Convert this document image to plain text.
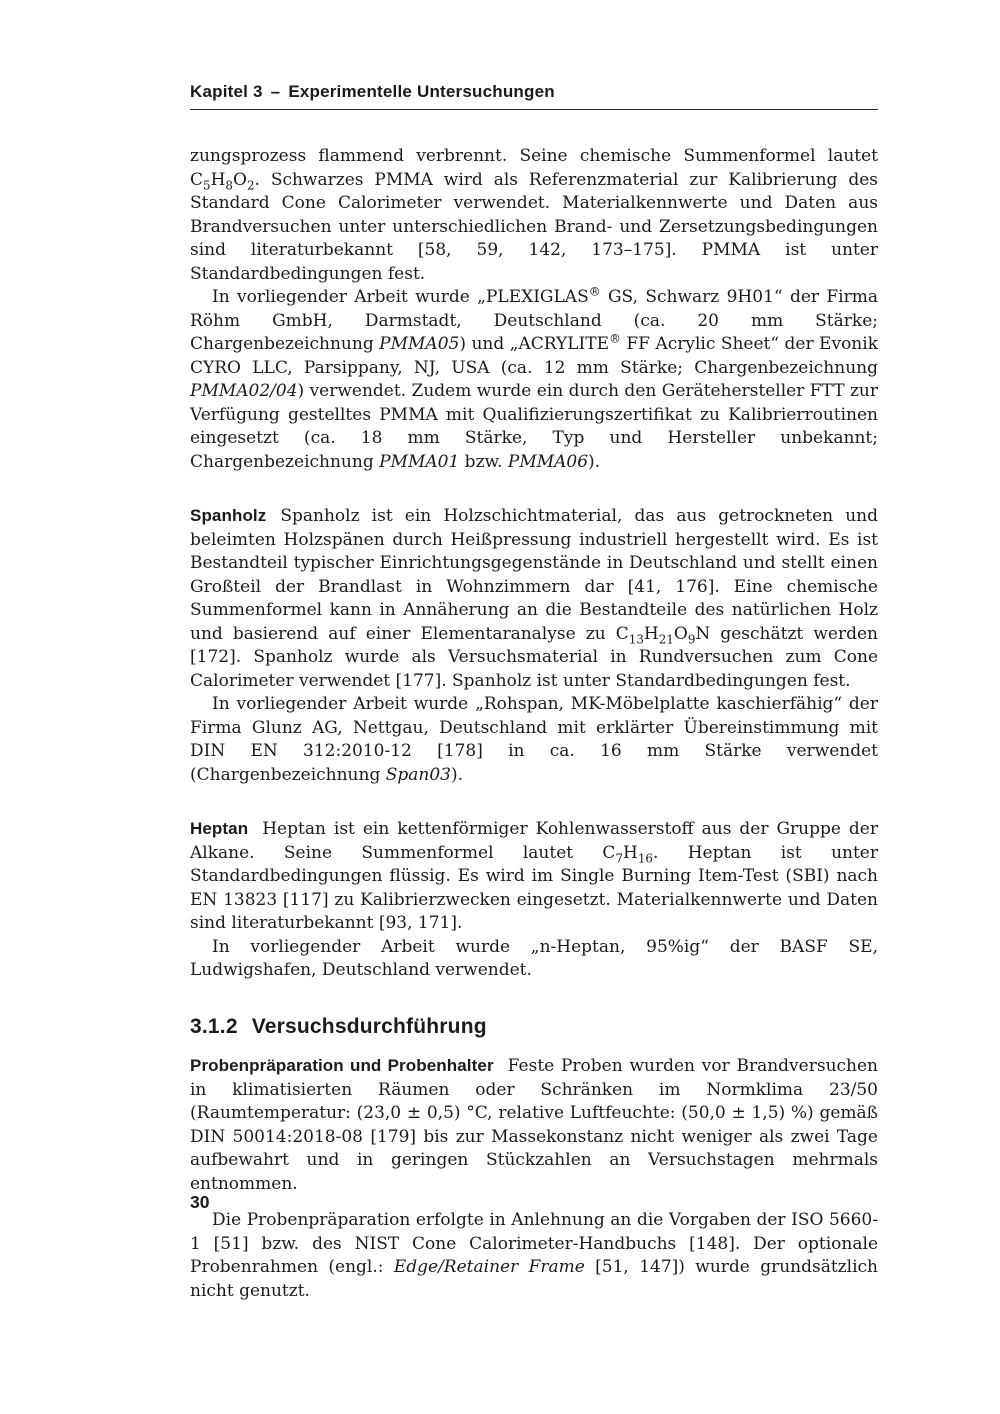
Kapitel 3 – Experimentelle Untersuchungen

zungsprozess flammend verbrennt. Seine chemische Summenformel lautet $C_5H_8O_2$. Schwarzes PMMA wird als Referenzmaterial zur Kalibrierung des Standard Cone Calorimeter verwendet. Materialkennwerte und Daten aus Brandversuchen unter unterschiedlichen Brand- und Zersetzungsbedingungen sind literaturbekannt [58, 59, 142, 173–175]. PMMA ist unter Standardbedingungen fest.

In vorliegender Arbeit wurde „PLEXIGLAS® GS, Schwarz 9H01“ der Firma Röhm GmbH, Darmstadt, Deutschland (ca. 20 mm Stärke; Chargenbezeichnung PMMA05) und „ACRYLITE® FF Acrylic Sheet“ der Evonik CYRO LLC, Parsippany, NJ, USA (ca. 12 mm Stärke; Chargenbezeichnung PMMA02/04) verwendet. Zudem wurde ein durch den Gerätehersteller FTT zur Verfügung gestelltes PMMA mit Qualifizierungszertifikat zu Kalibrierroutinen eingesetzt (ca. 18 mm Stärke, Typ und Hersteller unbekannt; Chargenbezeichnung PMMA01 bzw. PMMA06).

Spanholz Spanholz ist ein Holzschichtmaterial, das aus getrockneten und beleimten Holzspänen durch Heißpressung industriell hergestellt wird. Es ist Bestandteil typischer Einrichtungsgegenstände in Deutschland und stellt einen Großteil der Brandlast in Wohnzimmern dar [41, 176]. Eine chemische Summenformel kann in Annäherung an die Bestandteile des natürlichen Holz und basierend auf einer Elementaranalyse zu $C_{13}H_{21}O_9N$ geschätzt werden [172]. Spanholz wurde als Versuchsmaterial in Rundversuchen zum Cone Calorimeter verwendet [177]. Spanholz ist unter Standardbedingungen fest.

In vorliegender Arbeit wurde „Rohspan, MK-Möbelplatte kaschierfähig“ der Firma Glunz AG, Nettgau, Deutschland mit erklärter Übereinstimmung mit DIN EN 312:2010-12 [178] in ca. 16 mm Stärke verwendet (Chargenbezeichnung Span03).

Heptan Heptan ist ein kettenförmiger Kohlenwasserstoff aus der Gruppe der Alkane. Seine Summenformel lautet $C_7H_{16}$. Heptan ist unter Standardbedingungen flüssig. Es wird im Single Burning Item-Test (SBI) nach EN 13823 [117] zu Kalibrierzwecken eingesetzt. Materialkennwerte und Daten sind literaturbekannt [93, 171].

In vorliegender Arbeit wurde „n-Heptan, 95%ig“ der BASF SE, Ludwigshafen, Deutschland verwendet.

3.1.2 Versuchsdurchführung

Probenpräparation und Probenhalter Feste Proben wurden vor Brandversuchen in klimatisierten Räumen oder Schränken im Normklima 23/50 (Raumtemperatur: (23,0 ± 0,5) °C, relative Luftfeuchte: (50,0 ± 1,5) %) gemäß DIN 50014:2018-08 [179] bis zur Massekonstanz nicht weniger als zwei Tage aufbewahrt und in geringen Stückzahlen an Versuchstagen mehrmals entnommen.

Die Probenpräparation erfolgte in Anlehnung an die Vorgaben der ISO 5660-1 [51] bzw. des NIST Cone Calorimeter-Handbuchs [148]. Der optionale Probenrahmen (engl.: Edge/Retainer Frame [51, 147]) wurde grundsätzlich nicht genutzt.

30
